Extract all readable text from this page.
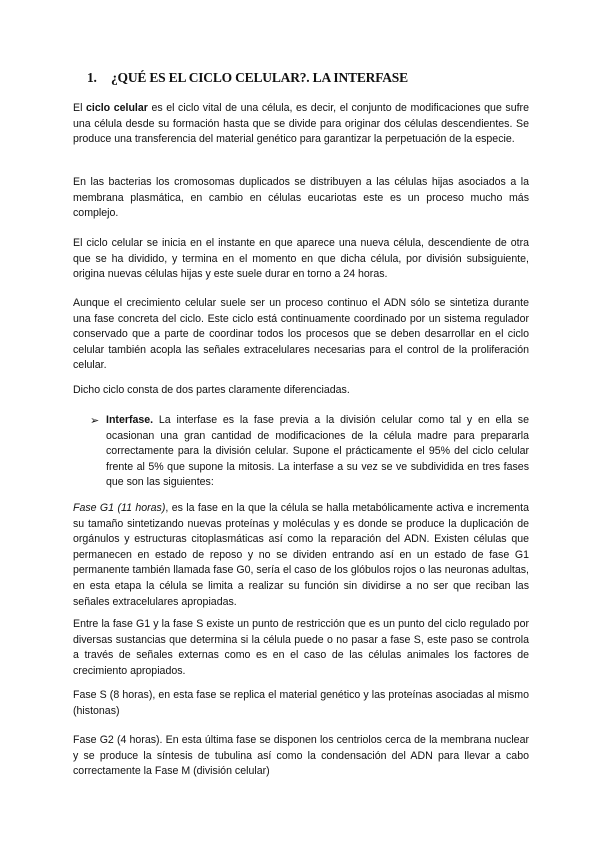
1. ¿QUÉ ES EL CICLO CELULAR?. LA INTERFASE

El ciclo celular es el ciclo vital de una célula, es decir, el conjunto de modificaciones que sufre una célula desde su formación hasta que se divide para originar dos células descendientes. Se produce una transferencia del material genético para garantizar la perpetuación de la especie.

En las bacterias los cromosomas duplicados se distribuyen a las células hijas asociados a la membrana plasmática, en cambio en células eucariotas este es un proceso mucho más complejo.

El ciclo celular se inicia en el instante en que aparece una nueva célula, descendiente de otra que se ha dividido, y termina en el momento en que dicha célula, por división subsiguiente, origina nuevas células hijas y este suele durar en torno a 24 horas.

Aunque el crecimiento celular suele ser un proceso continuo el ADN sólo se sintetiza durante una fase concreta del ciclo. Este ciclo está continuamente coordinado por un sistema regulador conservado que a parte de coordinar todos los procesos que se deben desarrollar en el ciclo celular también acopla las señales extracelulares necesarias para el control de la proliferación celular.

Dicho ciclo consta de dos partes claramente diferenciadas.

➢ Interfase. La interfase es la fase previa a la división celular como tal y en ella se ocasionan una gran cantidad de modificaciones de la célula madre para prepararla correctamente para la división celular. Supone el prácticamente el 95% del ciclo celular frente al 5% que supone la mitosis. La interfase a su vez se ve subdividida en tres fases que son las siguientes:

Fase G1 (11 horas), es la fase en la que la célula se halla metabólicamente activa e incrementa su tamaño sintetizando nuevas proteínas y moléculas y es donde se produce la duplicación de orgánulos y estructuras citoplasmáticas así como la reparación del ADN. Existen células que permanecen en estado de reposo y no se dividen entrando así en un estado de fase G1 permanente también llamada fase G0, sería el caso de los glóbulos rojos o las neuronas adultas, en esta etapa la célula se limita a realizar su función sin dividirse a no ser que reciban las señales extracelulares apropiadas.

Entre la fase G1 y la fase S existe un punto de restricción que es un punto del ciclo regulado por diversas sustancias que determina si la célula puede o no pasar a fase S, este paso se controla a través de señales externas como es en el caso de las células animales los factores de crecimiento apropiados.

Fase S (8 horas), en esta fase se replica el material genético y las proteínas asociadas al mismo (histonas)

Fase G2 (4 horas). En esta última fase se disponen los centriolos cerca de la membrana nuclear y se produce la síntesis de tubulina así como la condensación del ADN para llevar a cabo correctamente la Fase M (división celular)
